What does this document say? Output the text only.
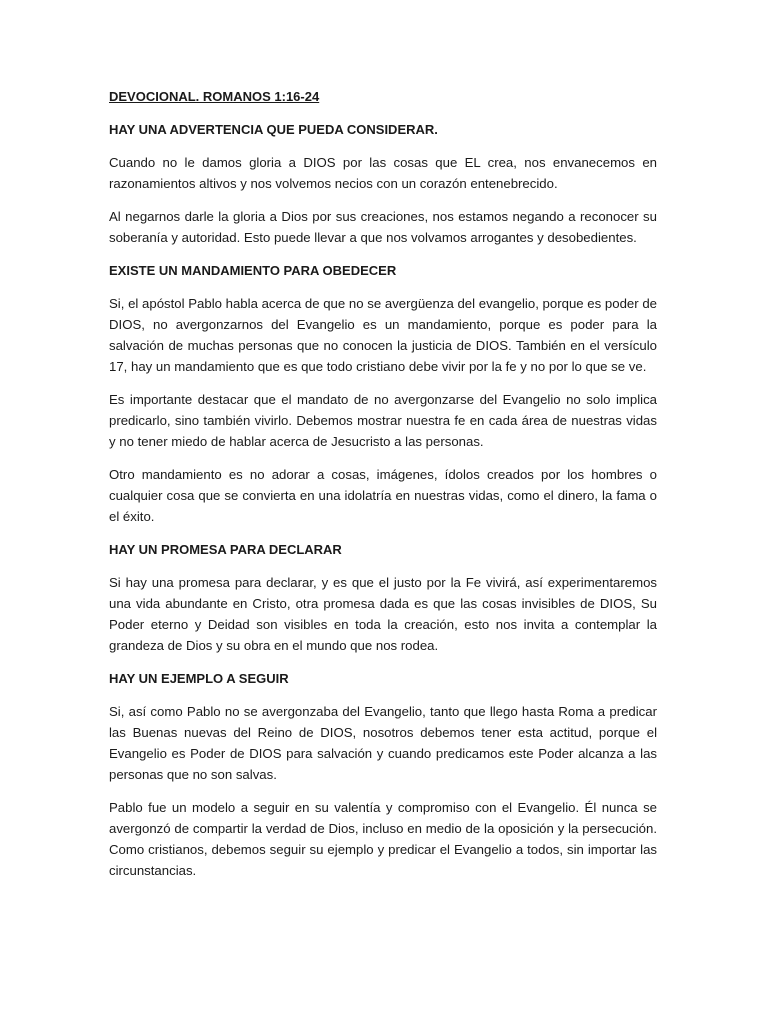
DEVOCIONAL. ROMANOS 1:16-24
HAY UNA ADVERTENCIA QUE PUEDA CONSIDERAR.

Cuando no le damos gloria a DIOS por las cosas que EL crea, nos envanecemos en razonamientos altivos y nos volvemos necios con un corazón entenebrecido.

Al negarnos darle la gloria a Dios por sus creaciones, nos estamos negando a reconocer su soberanía y autoridad. Esto puede llevar a que nos volvamos arrogantes y desobedientes.

EXISTE UN MANDAMIENTO PARA OBEDECER

Si, el apóstol Pablo habla acerca de que no se avergüenza del evangelio, porque es poder de DIOS, no avergonzarnos del Evangelio es un mandamiento, porque es poder para la salvación de muchas personas que no conocen la justicia de DIOS. También en el versículo 17, hay un mandamiento que es que todo cristiano debe vivir por la fe y no por lo que se ve.

Es importante destacar que el mandato de no avergonzarse del Evangelio no solo implica predicarlo, sino también vivirlo. Debemos mostrar nuestra fe en cada área de nuestras vidas y no tener miedo de hablar acerca de Jesucristo a las personas.

Otro mandamiento es no adorar a cosas, imágenes, ídolos creados por los hombres o cualquier cosa que se convierta en una idolatría en nuestras vidas, como el dinero, la fama o el éxito.

HAY UN PROMESA PARA DECLARAR

Si hay una promesa para declarar, y es que el justo por la Fe vivirá, así experimentaremos una vida abundante en Cristo, otra promesa dada es que las cosas invisibles de DIOS, Su Poder eterno y Deidad son visibles en toda la creación, esto nos invita a contemplar la grandeza de Dios y su obra en el mundo que nos rodea.

HAY UN EJEMPLO A SEGUIR

Si, así como Pablo no se avergonzaba del Evangelio, tanto que llego hasta Roma a predicar las Buenas nuevas del Reino de DIOS, nosotros debemos tener esta actitud, porque el Evangelio es Poder de DIOS para salvación y cuando predicamos este Poder alcanza a las personas que no son salvas.

Pablo fue un modelo a seguir en su valentía y compromiso con el Evangelio. Él nunca se avergonzó de compartir la verdad de Dios, incluso en medio de la oposición y la persecución. Como cristianos, debemos seguir su ejemplo y predicar el Evangelio a todos, sin importar las circunstancias.
